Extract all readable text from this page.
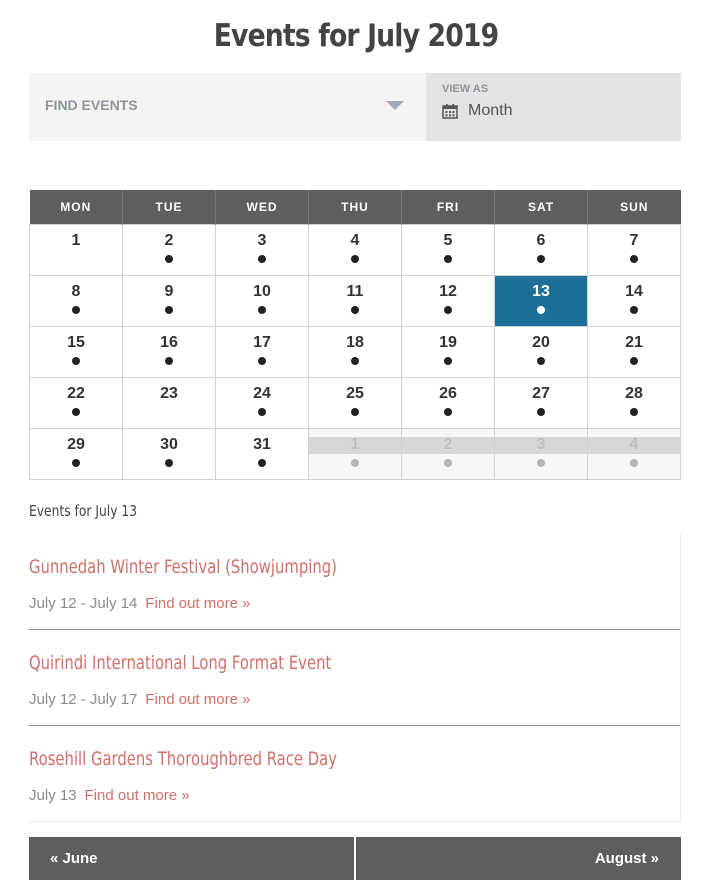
Events for July 2019
FIND EVENTS
VIEW AS
Month
MON	TUE	WED	THU	FRI	SAT	SUN

1	2	3	4	5	6	7

8	9	10	11	12	13	14

15	16	17	18	19	20	21

22	23	24	25	26	27	28

29	30	31	1	2	3	4
Events for July 13
Gunnedah Winter Festival (Showjumping)
July 12 - July 14 Find out more »
Quirindi International Long Format Event
July 12 - July 17 Find out more »
Rosehill Gardens Thoroughbred Race Day
July 13 Find out more »
« June	August »
